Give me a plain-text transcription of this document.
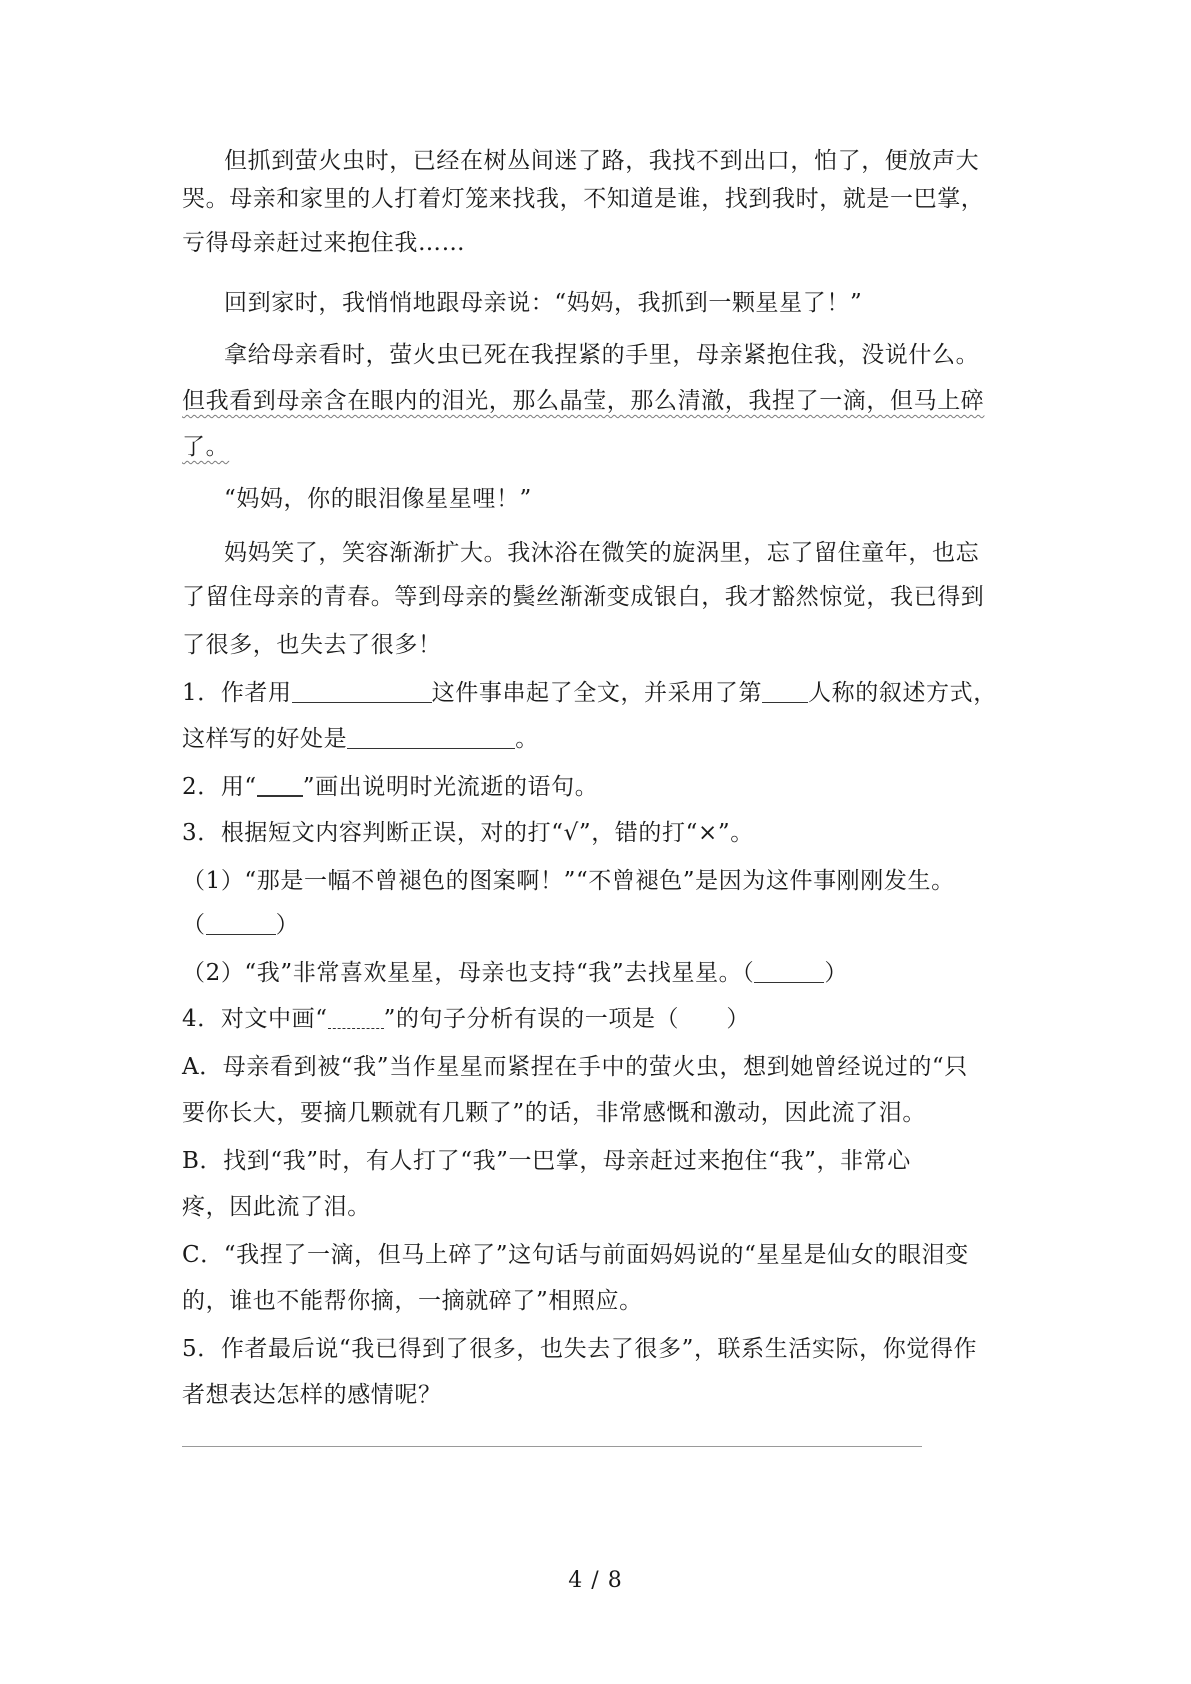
但抓到萤火虫时，已经在树丛间迷了路，我找不到出口，怕了，便放声大
哭。母亲和家里的人打着灯笼来找我，不知道是谁，找到我时，就是一巴掌，
亏得母亲赶过来抱住我……
回到家时，我悄悄地跟母亲说：“妈妈，我抓到一颗星星了！”
拿给母亲看时，萤火虫已死在我捏紧的手里，母亲紧抱住我，没说什么。
但我看到母亲含在眼内的泪光，那么晶莹，那么清澈，我捏了一滴，但马上碎
了。
“妈妈，你的眼泪像星星哩！”
妈妈笑了，笑容渐渐扩大。我沐浴在微笑的旋涡里，忘了留住童年，也忘
了留住母亲的青春。等到母亲的鬓丝渐渐变成银白，我才豁然惊觉，我已得到
了很多，也失去了很多！
1．作者用	这件事串起了全文，并采用了第 人称的叙述方式，
这样写的好处是	。
2．用“ ”画出说明时光流逝的语句。
3．根据短文内容判断正误，对的打“√”，错的打“×”。
（1）“那是一幅不曾褪色的图案啊！”“不曾褪色”是因为这件事刚刚发生。
（	）
（2）“我”非常喜欢星星，母亲也支持“我”去找星星。（	）
4．对文中画“ ”的句子分析有误的一项是（　　）
A．母亲看到被“我”当作星星而紧捏在手中的萤火虫，想到她曾经说过的“只
要你长大，要摘几颗就有几颗了”的话，非常感慨和激动，因此流了泪。
B．找到“我”时，有人打了“我”一巴掌，母亲赶过来抱住“我”，非常心
疼，因此流了泪。
C．“我捏了一滴，但马上碎了”这句话与前面妈妈说的“星星是仙女的眼泪变
的，谁也不能帮你摘，一摘就碎了”相照应。
5．作者最后说“我已得到了很多，也失去了很多”，联系生活实际，你觉得作
者想表达怎样的感情呢？
4 / 8
